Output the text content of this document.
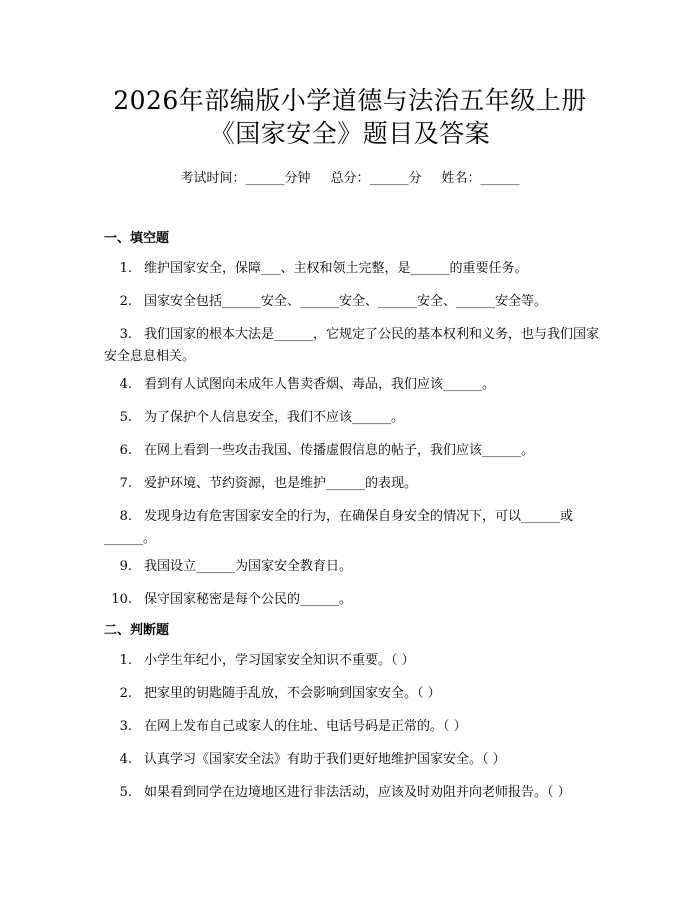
2026年部编版小学道德与法治五年级上册
《国家安全》题目及答案
考试时间：______分钟 总分：______分 姓名：______
一、填空题
1. 维护国家安全，保障___、主权和领土完整，是______的重要任务。
2. 国家安全包括______安全、______安全、______安全、______安全等。
3. 我们国家的根本大法是______，它规定了公民的基本权利和义务，也与我们国家安全息息相关。
4. 看到有人试图向未成年人售卖香烟、毒品，我们应该______。
5. 为了保护个人信息安全，我们不应该______。
6. 在网上看到一些攻击我国、传播虚假信息的帖子，我们应该______。
7. 爱护环境、节约资源，也是维护______的表现。
8. 发现身边有危害国家安全的行为，在确保自身安全的情况下，可以______或______。
9. 我国设立______为国家安全教育日。
10. 保守国家秘密是每个公民的______。
二、判断题
1. 小学生年纪小，学习国家安全知识不重要。（ ）
2. 把家里的钥匙随手乱放，不会影响到国家安全。（ ）
3. 在网上发布自己或家人的住址、电话号码是正常的。（ ）
4. 认真学习《国家安全法》有助于我们更好地维护国家安全。（ ）
5. 如果看到同学在边境地区进行非法活动，应该及时劝阻并向老师报告。（ ）
